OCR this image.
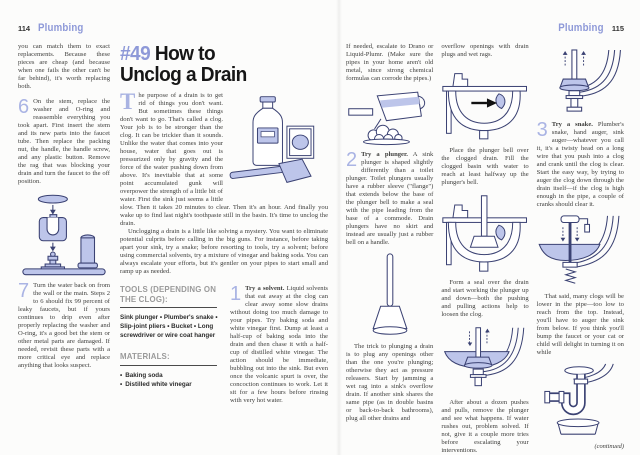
114 Plumbing

you can match them to exact replacements. Because these pieces are cheap (and because when one fails the other can't be far behind), it's worth replacing both.

6 On the stem, replace the washer and O-ring and reassemble everything you took apart. First insert the stem and its new parts into the faucet tube. Then replace the packing nut, the handle, the handle screw, and any plastic button. Remove the rag that was blocking your drain and turn the faucet to the off position.

7 Turn the water back on from the wall or the main. Steps 2 to 6 should fix 99 percent of leaky faucets, but if yours continues to drip even after properly replacing the washer and O-ring, it's a good bet the stem or other metal parts are damaged. If needed, revisit these parts with a more critical eye and replace anything that looks suspect.

#49 How to
Unclog a Drain

The purpose of a drain is to get rid of things you don't want. But sometimes these things don't want to go. That's called a clog. Your job is to be stronger than the clog. It can be trickier than it sounds. Unlike the water that comes into your house, water that goes out is pressurized only by gravity and the force of the water pushing down from above. It's inevitable that at some point accumulated gunk will overpower the strength of a little bit of water. First the sink just seems a little slow. Then it takes 20 minutes to clear. Then it's an hour. And finally you wake up to find last night's toothpaste still in the basin. It's time to unclog the drain.

Unclogging a drain is a little like solving a mystery. You want to eliminate potential culprits before calling in the big guns. For instance, before taking apart your sink, try a snake; before resorting to tools, try a solvent; before using commercial solvents, try a mixture of vinegar and baking soda. You can always escalate your efforts, but it's gentler on your pipes to start small and ramp up as needed.

TOOLS (DEPENDING ON THE CLOG):

Sink plunger • Plumber's snake • Slip-joint pliers • Bucket • Long screwdriver or wire coat hanger

MATERIALS:
• Baking soda
• Distilled white vinegar

1 Try a solvent. Liquid solvents that eat away at the clog can clear away some slow drains without doing too much damage to your pipes. Try baking soda and white vinegar first. Dump at least a half-cup of baking soda into the drain and then chase it with a half-cup of distilled white vinegar. The action should be immediate, bubbling out into the sink. But even once the volcanic spurt is over, the concoction continues to work. Let it sit for a few hours before rinsing with very hot water.

Plumbing 115

If needed, escalate to Drano or Liquid-Plumr. (Make sure the pipes in your home aren't old metal, since strong chemical formulas can corrode the pipes.)

2 Try a plunger. A sink plunger is shaped slightly differently than a toilet plunger. Toilet plungers usually have a rubber sleeve ("flange") that extends below the base of the plunger bell to make a seal with the pipe leading from the base of a commode. Drain plungers have no skirt and instead are usually just a rubber bell on a handle.

The trick to plunging a drain is to plug any openings other than the one you're plunging; otherwise they act as pressure releasers. Start by jamming a wet rag into a sink's overflow drain. If another sink shares the same pipe (as in double basins or back-to-back bathrooms), plug all other drains and

overflow openings with drain plugs and wet rags.

Place the plunger bell over the clogged drain. Fill the clogged basin with water to reach at least halfway up the plunger's bell.

Form a seal over the drain and start working the plunger up and down—both the pushing and pulling actions help to loosen the clog.

After about a dozen pushes and pulls, remove the plunger and see what happens. If water rushes out, problem solved. If not, give it a couple more tries before escalating your interventions.

3 Try a snake. Plumber's snake, hand auger, sink auger—whatever you call it, it's a twisty head on a long wire that you push into a clog and crank until the clog is clear. Start the easy way, by trying to auger the clog down through the drain itself—if the clog is high enough in the pipe, a couple of cranks should clear it.

That said, many clogs will be lower in the pipe—too low to reach from the top. Instead, you'll have to auger the sink from below. If you think you'll bump the faucet or your cat or child will delight in turning it on while

(continued)
